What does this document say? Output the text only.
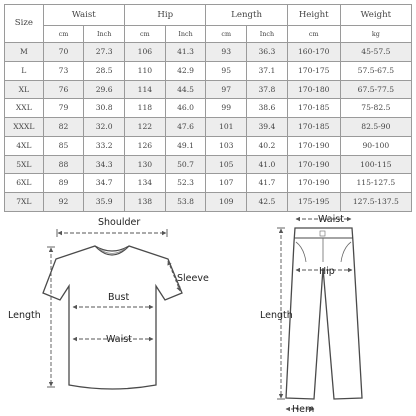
Size	Waist		Hip		Length		Height	Weight
	cm	Inch	cm	Inch	cm	Inch	cm	kg
M	70	27.3	106	41.3	93	36.3	160-170	45-57.5
L	73	28.5	110	42.9	95	37.1	170-175	57.5-67.5
XL	76	29.6	114	44.5	97	37.8	170-180	67.5-77.5
XXL	79	30.8	118	46.0	99	38.6	170-185	75-82.5
XXXL	82	32.0	122	47.6	101	39.4	170-185	82.5-90
4XL	85	33.2	126	49.1	103	40.2	170-190	90-100
5XL	88	34.3	130	50.7	105	41.0	170-190	100-115
6XL	89	34.7	134	52.3	107	41.7	170-190	115-127.5
7XL	92	35.9	138	53.8	109	42.5	175-195	127.5-137.5
Shoulder
Sleeve
Bust
Waist
Length
Waist
Hip
Length
Hem
